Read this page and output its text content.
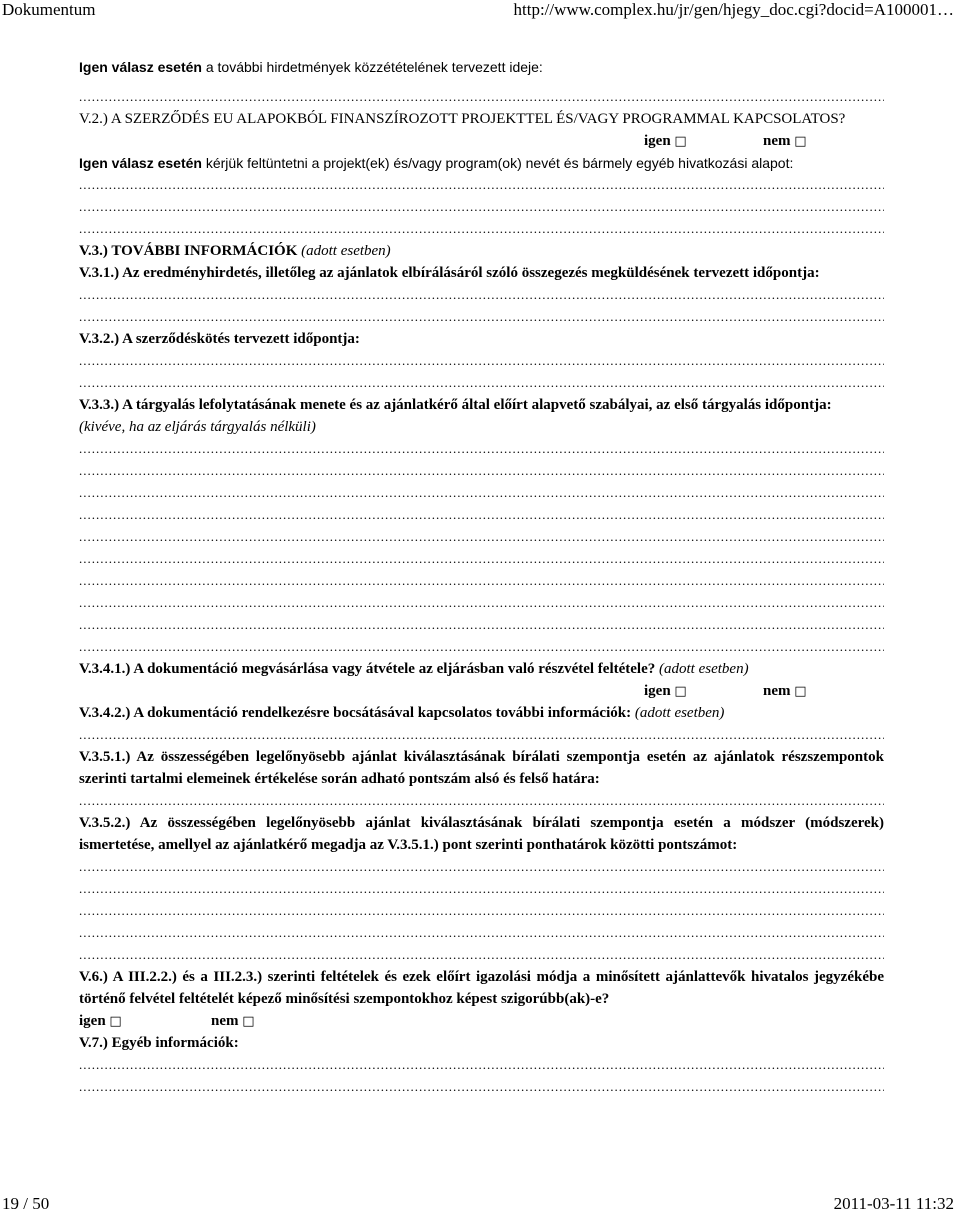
Dokumentum	http://www.complex.hu/jr/gen/hjegy_doc.cgi?docid=A100001…

Igen válasz esetén a további hirdetmények közzétételének tervezett ideje:

.....

V.2.) A SZERZŐDÉS EU ALAPOKBÓL FINANSZÍROZOTT PROJEKTTEL ÉS/VAGY PROGRAMMAL KAPCSOLATOS?

igen □	nem □

Igen válasz esetén kérjük feltüntetni a projekt(ek) és/vagy program(ok) nevét és bármely egyéb hivatkozási alapot:

.....
.....
.....

V.3.) TOVÁBBI INFORMÁCIÓK (adott esetben)

V.3.1.) Az eredményhirdetés, illetőleg az ajánlatok elbírálásáról szóló összegezés megküldésének tervezett időpontja:

.....
.....

V.3.2.) A szerződéskötés tervezett időpontja:

.....
.....

V.3.3.) A tárgyalás lefolytatásának menete és az ajánlatkérő által előírt alapvető szabályai, az első tárgyalás időpontja:

(kivéve, ha az eljárás tárgyalás nélküli)

.....
.....
.....
.....
.....
.....
.....
.....
.....
.....

V.3.4.1.) A dokumentáció megvásárlása vagy átvétele az eljárásban való részvétel feltétele? (adott esetben)

igen □	nem □

V.3.4.2.) A dokumentáció rendelkezésre bocsátásával kapcsolatos további információk: (adott esetben)

.....

V.3.5.1.) Az összességében legelőnyösebb ajánlat kiválasztásának bírálati szempontja esetén az ajánlatok részszempontok szerinti tartalmi elemeinek értékelése során adható pontszám alsó és felső határa:

.....

V.3.5.2.) Az összességében legelőnyösebb ajánlat kiválasztásának bírálati szempontja esetén a módszer (módszerek) ismertetése, amellyel az ajánlatkérő megadja az V.3.5.1.) pont szerinti ponthatárok közötti pontszámot:

.....
.....
.....
.....
.....

V.6.) A III.2.2.) és a III.2.3.) szerinti feltételek és ezek előírt igazolási módja a minősített ajánlattevők hivatalos jegyzékébe történő felvétel feltételét képező minősítési szempontokhoz képest szigorúbb(ak)-e?

igen □	nem □

V.7.) Egyéb információk:

.....
.....
19 / 50	2011-03-11 11:32
